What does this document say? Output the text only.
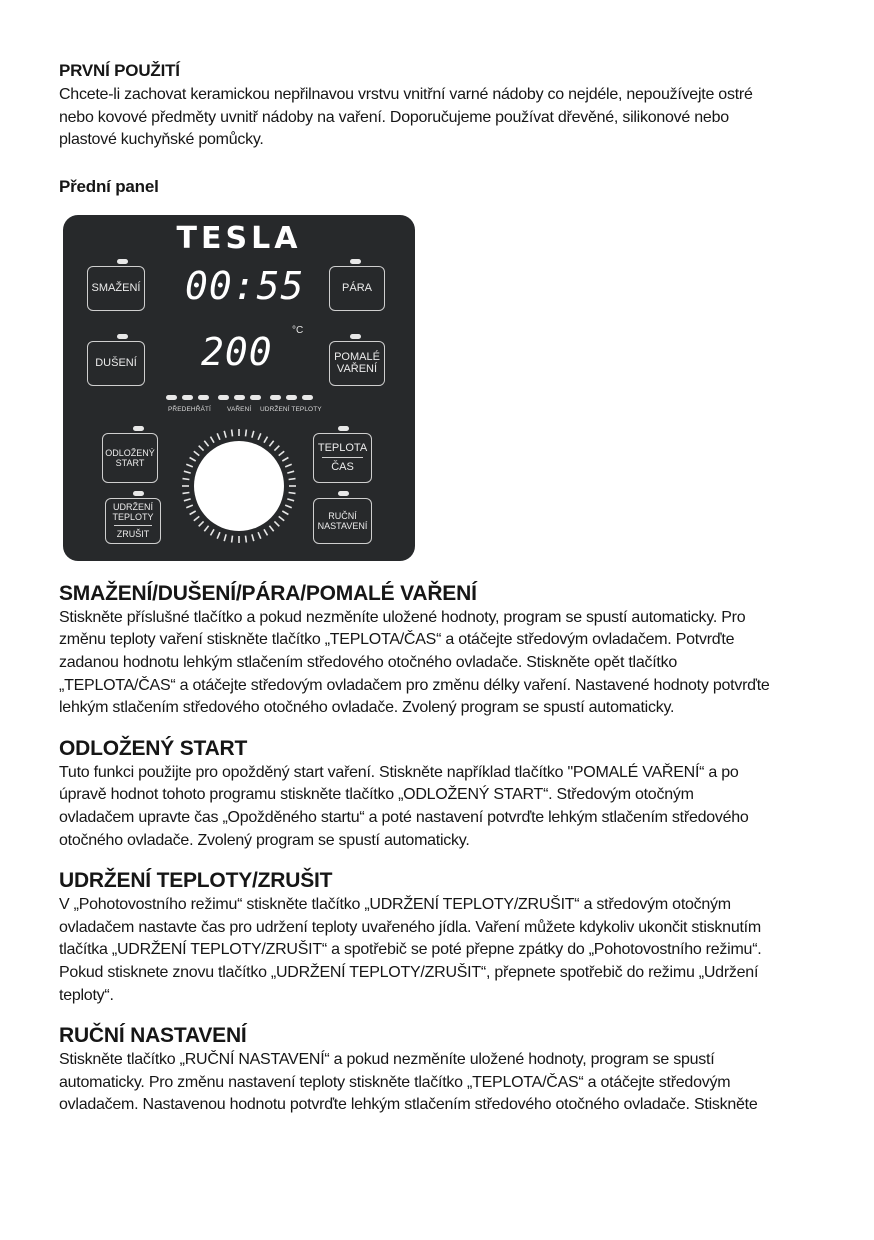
PRVNÍ POUŽITÍ

Chcete-li zachovat keramickou nepřilnavou vrstvu vnitřní varné nádoby co nejdéle, nepoužívejte ostré

nebo kovové předměty uvnitř nádoby na vaření. Doporučujeme používat dřevěné, silikonové nebo

plastové kuchyňské pomůcky.

Přední panel
TESLA
SMAŽENÍ	PÁRA
DUŠENÍ	POMALÉ
VAŘENÍ
ODLOŽENÝ
START
TEPLOTA
ČAS
UDRŽENÍ
TEPLOTY
ZRUŠIT
RUČNÍ
NASTAVENÍ
00:55
200 °C
PŘEDEHŘÁTÍ VAŘENÍ UDRŽENÍ TEPLOTY
SMAŽENÍ/DUŠENÍ/PÁRA/POMALÉ VAŘENÍ

Stiskněte příslušné tlačítko a pokud nezměníte uložené hodnoty, program se spustí automaticky. Pro

změnu teploty vaření stiskněte tlačítko „TEPLOTA/ČAS“ a otáčejte středovým ovladačem. Potvrďte

zadanou hodnotu lehkým stlačením středového otočného ovladače. Stiskněte opět tlačítko

„TEPLOTA/ČAS“ a otáčejte středovým ovladačem pro změnu délky vaření. Nastavené hodnoty potvrďte

lehkým stlačením středového otočného ovladače. Zvolený program se spustí automaticky.

ODLOŽENÝ START

Tuto funkci použijte pro opožděný start vaření. Stiskněte například tlačítko "POMALÉ VAŘENÍ“ a po

úpravě hodnot tohoto programu stiskněte tlačítko „ODLOŽENÝ START“. Středovým otočným

ovladačem upravte čas „Opožděného startu“ a poté nastavení potvrďte lehkým stlačením středového

otočného ovladače. Zvolený program se spustí automaticky.

UDRŽENÍ TEPLOTY/ZRUŠIT

V „Pohotovostního režimu“ stiskněte tlačítko „UDRŽENÍ TEPLOTY/ZRUŠIT“ a středovým otočným

ovladačem nastavte čas pro udržení teploty uvařeného jídla. Vaření můžete kdykoliv ukončit stisknutím

tlačítka „UDRŽENÍ TEPLOTY/ZRUŠIT“ a spotřebič se poté přepne zpátky do „Pohotovostního režimu“.

Pokud stisknete znovu tlačítko „UDRŽENÍ TEPLOTY/ZRUŠIT“, přepnete spotřebič do režimu „Udržení

teploty“.

RUČNÍ NASTAVENÍ

Stiskněte tlačítko „RUČNÍ NASTAVENÍ“ a pokud nezměníte uložené hodnoty, program se spustí

automaticky. Pro změnu nastavení teploty stiskněte tlačítko „TEPLOTA/ČAS“ a otáčejte středovým

ovladačem. Nastavenou hodnotu potvrďte lehkým stlačením středového otočného ovladače. Stiskněte
